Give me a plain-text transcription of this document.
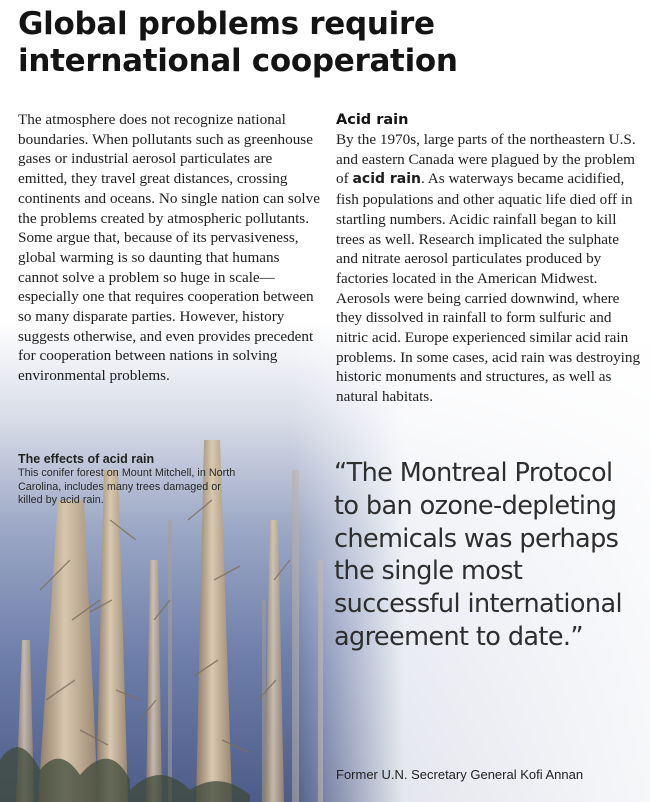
Global problems require
international cooperation

The atmosphere does not recognize national boundaries. When pollutants such as greenhouse gases or industrial aerosol particulates are emitted, they travel great distances, crossing continents and oceans. No single nation can solve the problems created by atmospheric pollutants. Some argue that, because of its pervasiveness, global warming is so daunting that humans cannot solve a problem so huge in scale—especially one that requires cooperation between so many disparate parties. However, history suggests otherwise, and even provides precedent for cooperation between nations in solving environmental problems.

Acid rain

By the 1970s, large parts of the northeastern U.S. and eastern Canada were plagued by the problem of acid rain. As waterways became acidified, fish populations and other aquatic life died off in startling numbers. Acidic rainfall began to kill trees as well. Research implicated the sulphate and nitrate aerosol particulates produced by factories located in the American Midwest. Aerosols were being carried downwind, where they dissolved in rainfall to form sulfuric and nitric acid. Europe experienced similar acid rain problems. In some cases, acid rain was destroying historic monuments and structures, as well as natural habitats.

The effects of acid rain
This conifer forest on Mount Mitchell, in North Carolina, includes many trees damaged or killed by acid rain.
“The Montreal Protocol to ban ozone-depleting chemicals was perhaps the single most successful international agreement to date.”
Former U.N. Secretary General Kofi Annan
